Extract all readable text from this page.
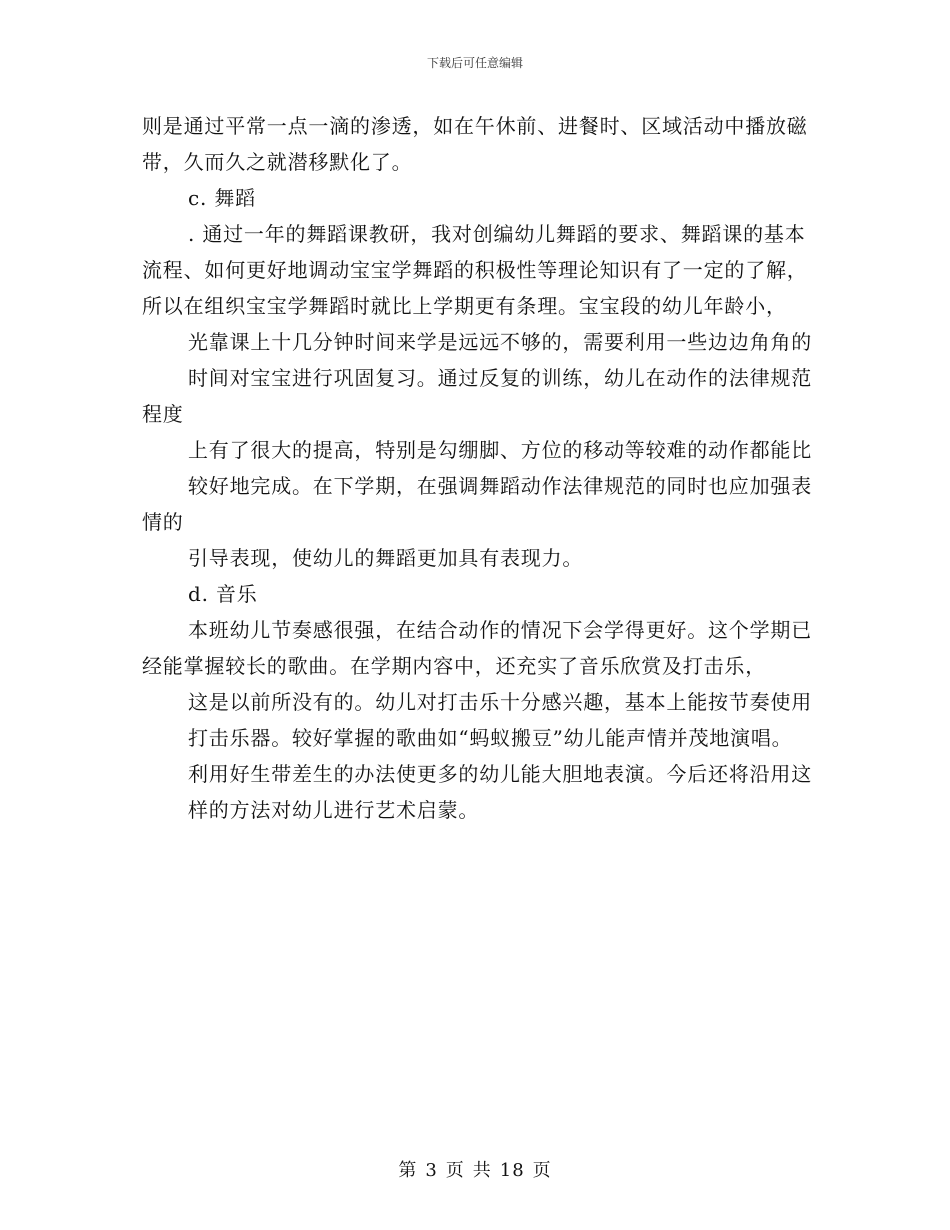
下载后可任意编辑

则是通过平常一点一滴的渗透，如在午休前、进餐时、区域活动中播放磁带，久而久之就潜移默化了。

c. 舞蹈

. 通过一年的舞蹈课教研，我对创编幼儿舞蹈的要求、舞蹈课的基本流程、如何更好地调动宝宝学舞蹈的积极性等理论知识有了一定的了解，所以在组织宝宝学舞蹈时就比上学期更有条理。宝宝段的幼儿年龄小，

光靠课上十几分钟时间来学是远远不够的，需要利用一些边边角角的

时间对宝宝进行巩固复习。通过反复的训练，幼儿在动作的法律规范程度

上有了很大的提高，特别是勾绷脚、方位的移动等较难的动作都能比

较好地完成。在下学期，在强调舞蹈动作法律规范的同时也应加强表情的

引导表现，使幼儿的舞蹈更加具有表现力。

d. 音乐

本班幼儿节奏感很强，在结合动作的情况下会学得更好。这个学期已经能掌握较长的歌曲。在学期内容中，还充实了音乐欣赏及打击乐，

这是以前所没有的。幼儿对打击乐十分感兴趣，基本上能按节奏使用

打击乐器。较好掌握的歌曲如“蚂蚁搬豆”幼儿能声情并茂地演唱。

利用好生带差生的办法使更多的幼儿能大胆地表演。今后还将沿用这

样的方法对幼儿进行艺术启蒙。

第 3 页 共 18 页
